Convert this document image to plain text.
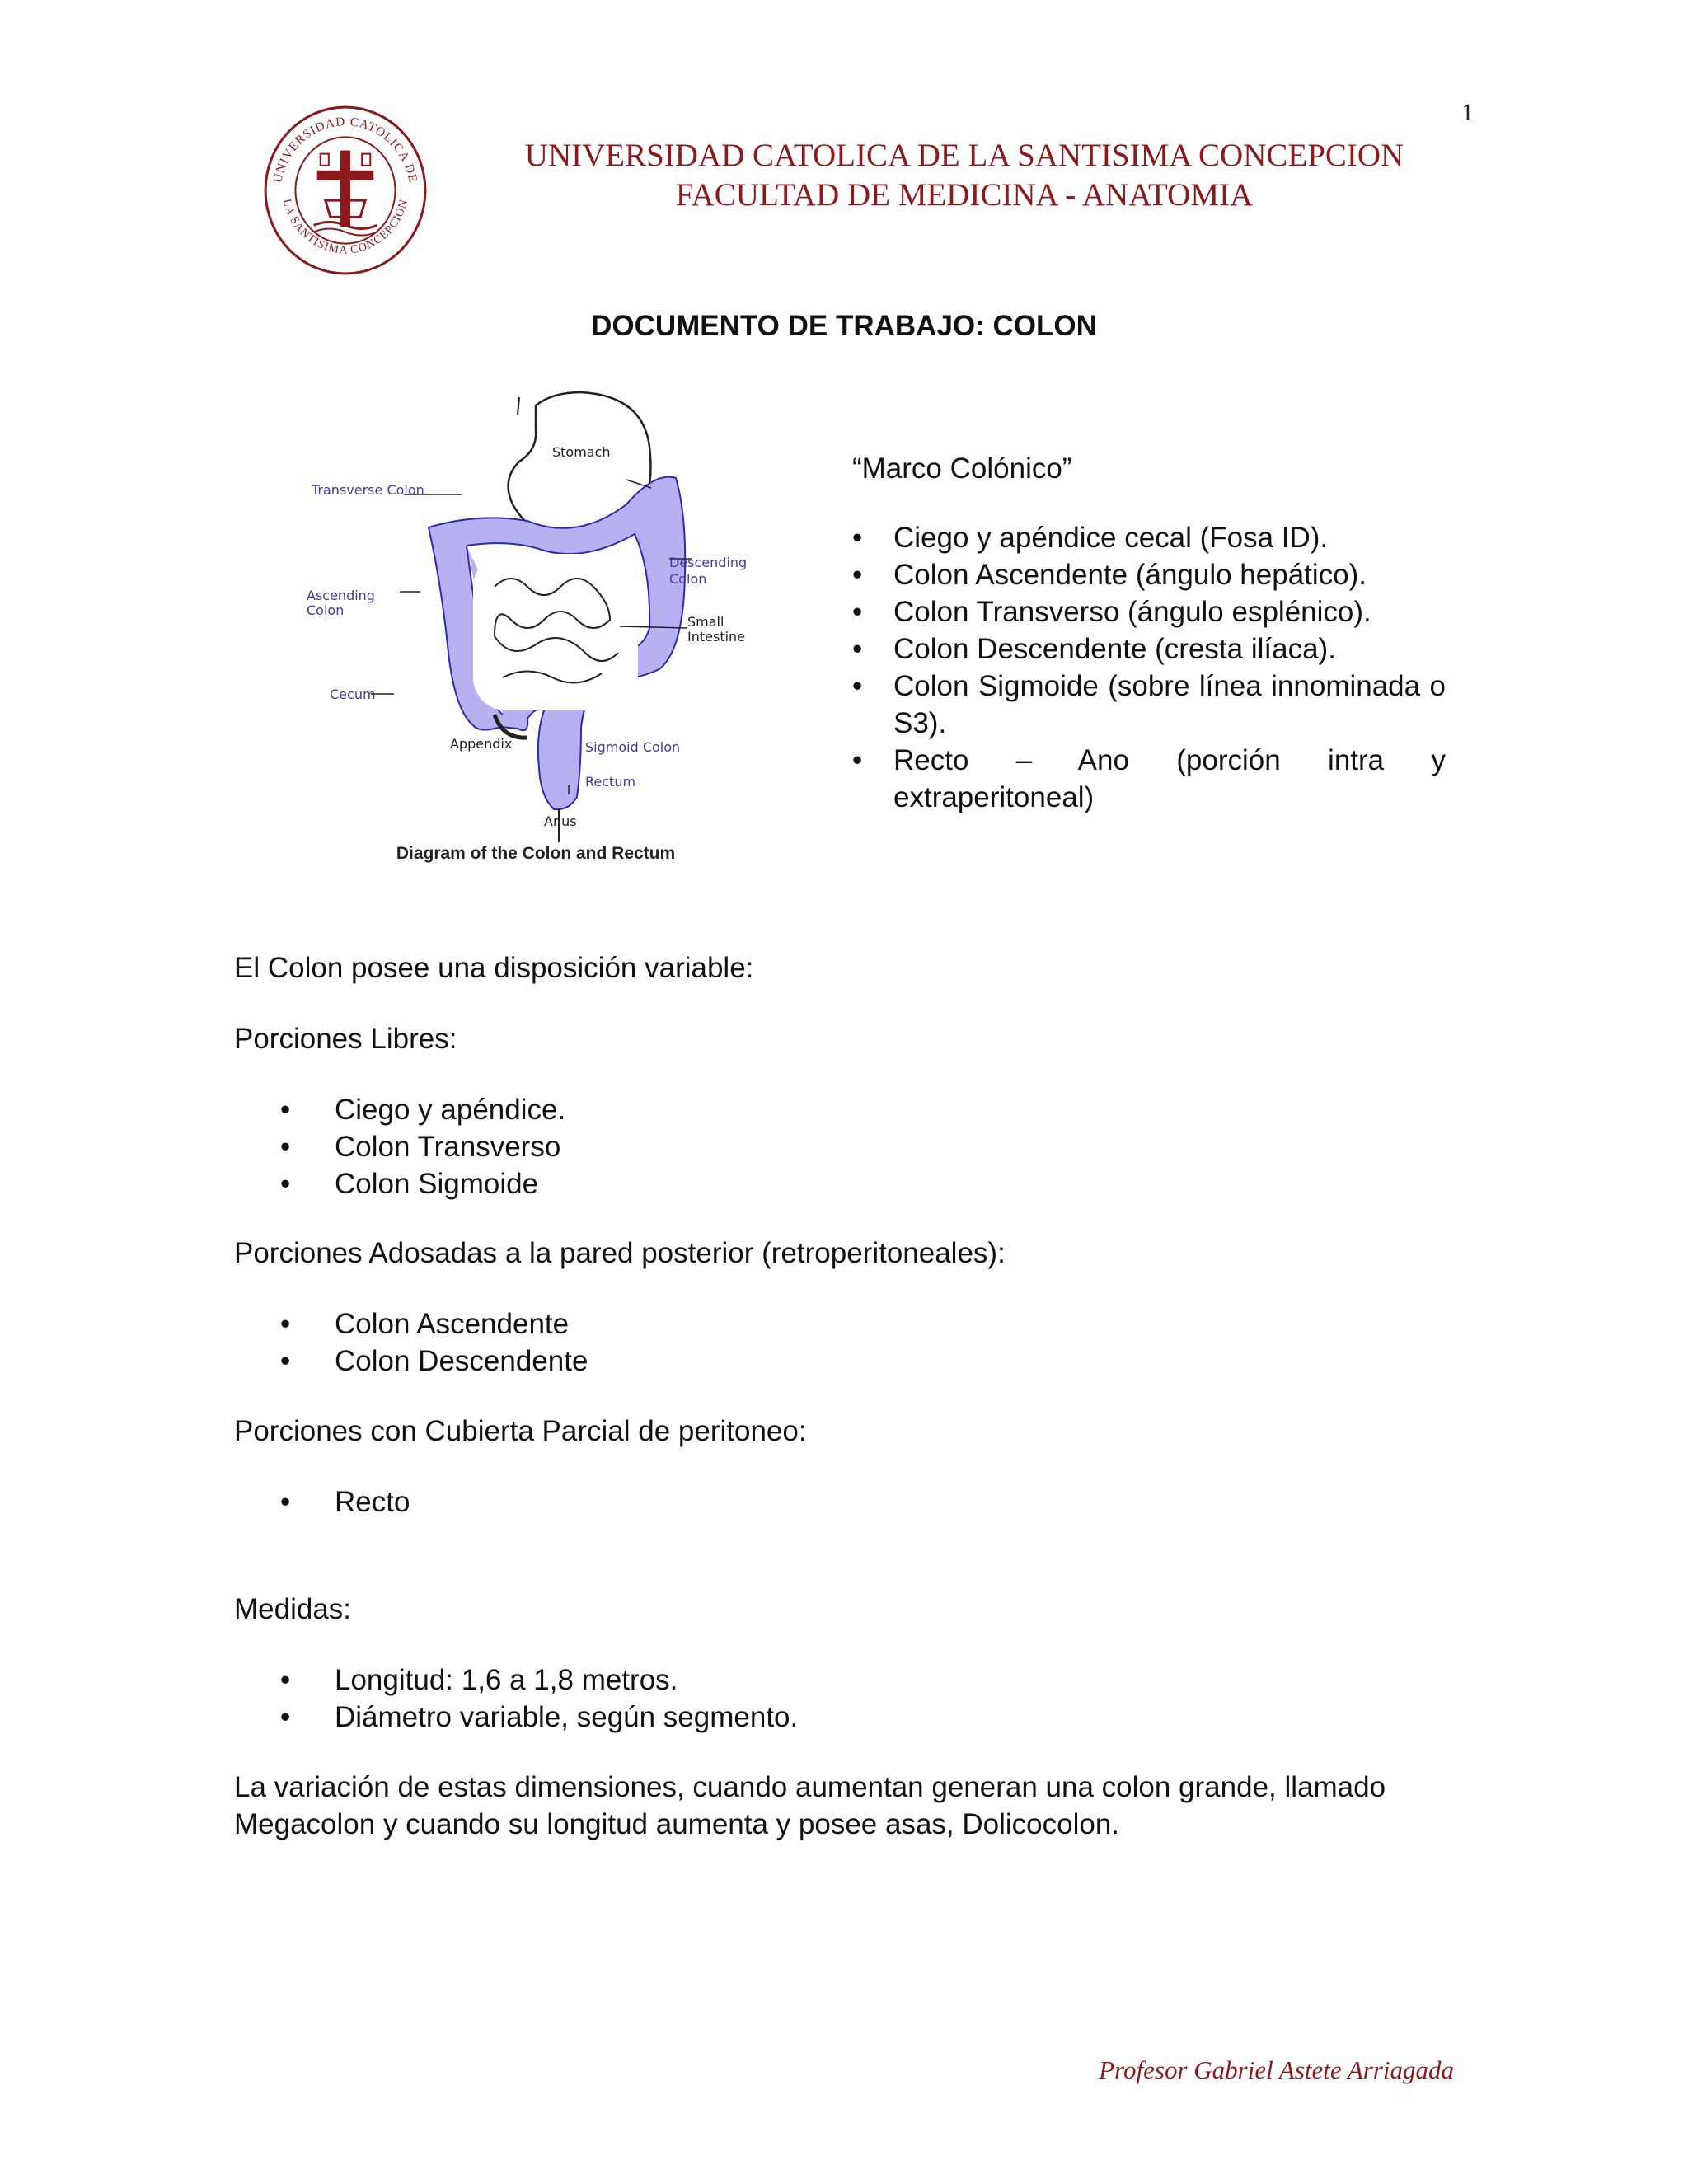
1
UNIVERSIDAD CATOLICA DE
LA SANTISIMA CONCEPCION
UNIVERSIDAD CATOLICA DE LA SANTISIMA CONCEPCION
FACULTAD DE MEDICINA - ANATOMIA
DOCUMENTO DE TRABAJO: COLON
Stomach
Transverse Colon
Descending
Colon
Ascending
Colon
Small
Intestine
Cecum
Appendix	Sigmoid Colon
Rectum
Anus
Diagram of the Colon and Rectum
“Marco Colónico”
• Ciego y apéndice cecal (Fosa ID).
• Colon Ascendente (ángulo hepático).
• Colon Transverso (ángulo esplénico).
• Colon Descendente (cresta ilíaca).
• Colon Sigmoide (sobre línea innominada o S3).
• Recto – Ano (porción intra y extraperitoneal)
El Colon posee una disposición variable:
Porciones Libres:
• Ciego y apéndice.
• Colon Transverso
• Colon Sigmoide
Porciones Adosadas a la pared posterior (retroperitoneales):
• Colon Ascendente
• Colon Descendente
Porciones con Cubierta Parcial de peritoneo:
• Recto
Medidas:
• Longitud: 1,6 a 1,8 metros.
• Diámetro variable, según segmento.
La variación de estas dimensiones, cuando aumentan generan una colon grande, llamado Megacolon y cuando su longitud aumenta y posee asas, Dolicocolon.
Profesor Gabriel Astete Arriagada
